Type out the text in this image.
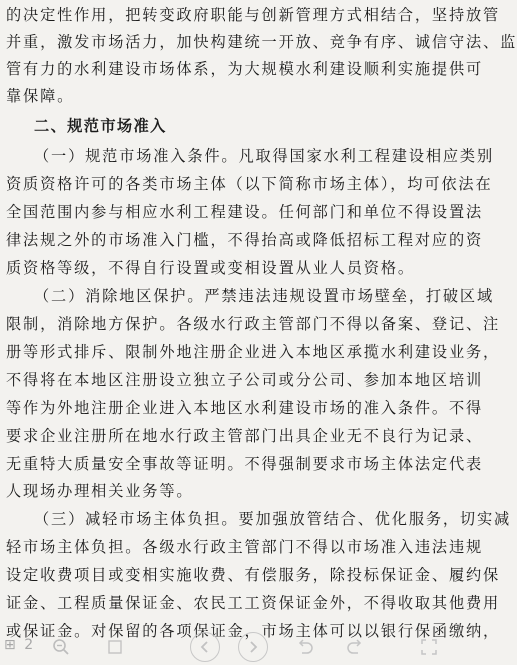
的决定性作用，把转变政府职能与创新管理方式相结合，坚持放管
并重，激发市场活力，加快构建统一开放、竞争有序、诚信守法、监
管有力的水利建设市场体系，为大规模水利建设顺利实施提供可
靠保障。
二、规范市场准入
（一）规范市场准入条件。凡取得国家水利工程建设相应类别
资质资格许可的各类市场主体（以下简称市场主体），均可依法在
全国范围内参与相应水利工程建设。任何部门和单位不得设置法
律法规之外的市场准入门槛，不得抬高或降低招标工程对应的资
质资格等级，不得自行设置或变相设置从业人员资格。
（二）消除地区保护。严禁违法违规设置市场壁垒，打破区域
限制，消除地方保护。各级水行政主管部门不得以备案、登记、注
册等形式排斥、限制外地注册企业进入本地区承揽水利建设业务，
不得将在本地区注册设立独立子公司或分公司、参加本地区培训
等作为外地注册企业进入本地区水利建设市场的准入条件。不得
要求企业注册所在地水行政主管部门出具企业无不良行为记录、
无重特大质量安全事故等证明。不得强制要求市场主体法定代表
人现场办理相关业务等。
（三）减轻市场主体负担。要加强放管结合、优化服务，切实减
轻市场主体负担。各级水行政主管部门不得以市场准入违法违规
设定收费项目或变相实施收费、有偿服务，除投标保证金、履约保
证金、工程质量保证金、农民工工资保证金外，不得收取其他费用
或保证金。对保留的各项保证金，市场主体可以以银行保函缴纳，
⊞ 2
